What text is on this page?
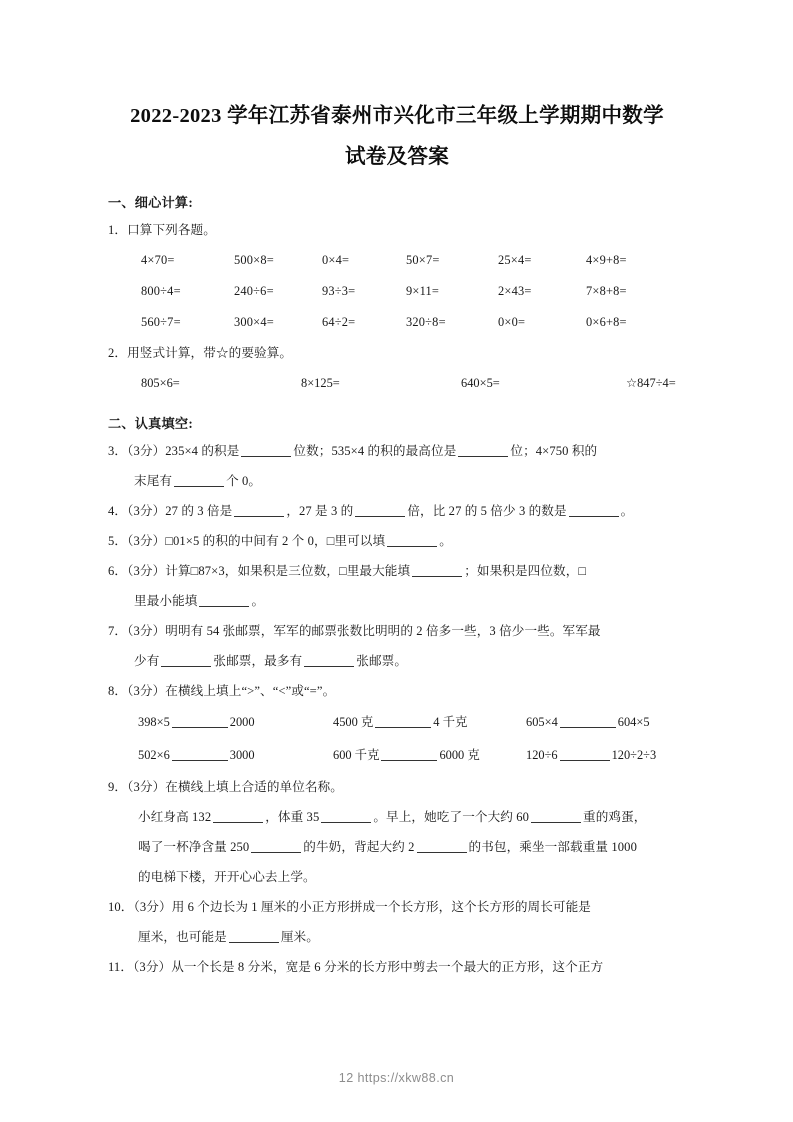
2022-2023 学年江苏省泰州市兴化市三年级上学期期中数学
试卷及答案
一、细心计算:

1．口算下列各题。

4×70=	500×8=	0×4=	50×7=	25×4=	4×9+8=
800÷4=	240÷6=	93÷3=	9×11=	2×43=	7×8+8=
560÷7=	300×4=	64÷2=	320÷8=	0×0=	0×6+8=

2．用竖式计算，带☆的要验算。

805×6=	8×125=	640×5=	☆847÷4=
二、认真填空:

3．（3分）235×4 的积是	位数；535×4 的积的最高位是	位；4×750 积的

末尾有	个 0。

4．（3分）27 的 3 倍是	，27 是 3 的	倍，比 27 的 5 倍少 3 的数是	。

5．（3分）□01×5 的积的中间有 2 个 0，□里可以填	。

6．（3分）计算□87×3，如果积是三位数，□里最大能填	；如果积是四位数，□

里最小能填	。

7．（3分）明明有 54 张邮票，军军的邮票张数比明明的 2 倍多一些，3 倍少一些。军军最

少有	张邮票，最多有	张邮票。

8．（3分）在横线上填上“>”、“<”或“=”。

398×5	2000	4500 克	4 千克	605×4	604×5
502×6	3000	600 千克	6000 克	120÷6	120÷2÷3

9．（3分）在横线上填上合适的单位名称。

小红身高 132	，体重 35	。早上，她吃了一个大约 60	重的鸡蛋，

喝了一杯净含量 250	的牛奶，背起大约 2	的书包，乘坐一部载重量 1000

的电梯下楼，开开心心去上学。

10．（3分）用 6 个边长为 1 厘米的小正方形拼成一个长方形，这个长方形的周长可能是

厘米，也可能是	厘米。

11．（3分）从一个长是 8 分米，宽是 6 分米的长方形中剪去一个最大的正方形，这个正方

12 https://xkw88.cn
